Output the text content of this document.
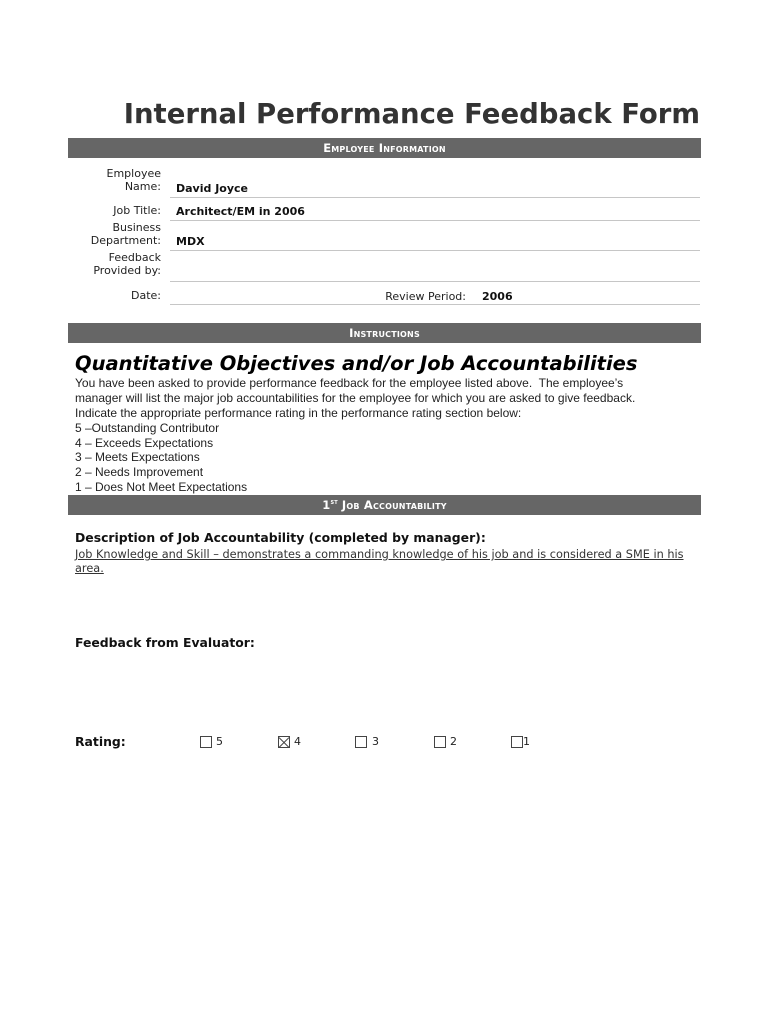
Internal Performance Feedback Form
Employee Information
Employee Name: David Joyce
Job Title: Architect/EM in 2006
Business Department: MDX
Feedback Provided by:
Date:	Review Period: 2006
Instructions
Quantitative Objectives and/or Job Accountabilities
You have been asked to provide performance feedback for the employee listed above.  The employee’s
manager will list the major job accountabilities for the employee for which you are asked to give feedback.
Indicate the appropriate performance rating in the performance rating section below:
5 –Outstanding Contributor
4 – Exceeds Expectations
3 – Meets Expectations
2 – Needs Improvement
1 – Does Not Meet Expectations
1st Job Accountability
Description of Job Accountability (completed by manager):
Job Knowledge and Skill – demonstrates a commanding knowledge of his job and is considered a SME in his area.
Feedback from Evaluator:
Rating:	5	4	3	2	1
